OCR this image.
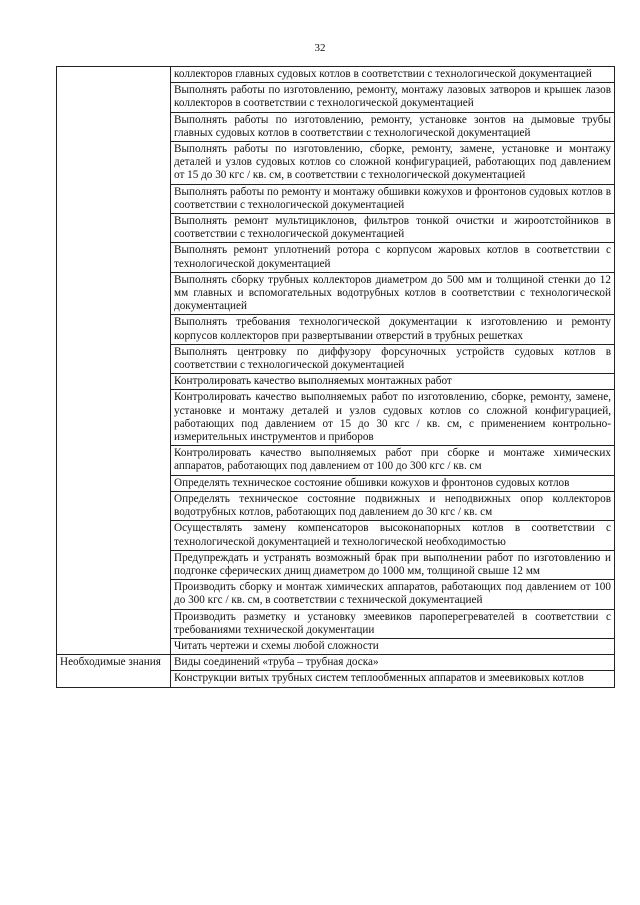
32
	коллекторов главных судовых котлов в соответствии с технологической документацией
	Выполнять работы по изготовлению, ремонту, монтажу лазовых затворов и крышек лазов коллекторов в соответствии с технологической документацией
	Выполнять работы по изготовлению, ремонту, установке зонтов на дымовые трубы главных судовых котлов в соответствии с технологической документацией
	Выполнять работы по изготовлению, сборке, ремонту, замене, установке и монтажу деталей и узлов судовых котлов со сложной конфигурацией, работающих под давлением от 15 до 30 кгс / кв. см, в соответствии с технологической документацией
	Выполнять работы по ремонту и монтажу обшивки кожухов и фронтонов судовых котлов в соответствии с технологической документацией
	Выполнять ремонт мультициклонов, фильтров тонкой очистки и жироотстойников в соответствии с технологической документацией
	Выполнять ремонт уплотнений ротора с корпусом жаровых котлов в соответствии с технологической документацией
	Выполнять сборку трубных коллекторов диаметром до 500 мм и толщиной стенки до 12 мм главных и вспомогательных водотрубных котлов в соответствии с технологической документацией
	Выполнять требования технологической документации к изготовлению и ремонту корпусов коллекторов при развертывании отверстий в трубных решетках
	Выполнять центровку по диффузору форсуночных устройств судовых котлов в соответствии с технологической документацией
	Контролировать качество выполняемых монтажных работ
	Контролировать качество выполняемых работ по изготовлению, сборке, ремонту, замене, установке и монтажу деталей и узлов судовых котлов со сложной конфигурацией, работающих под давлением от 15 до 30 кгс / кв. см, с применением контрольно-измерительных инструментов и приборов
	Контролировать качество выполняемых работ при сборке и монтаже химических аппаратов, работающих под давлением от 100 до 300 кгс / кв. см
	Определять техническое состояние обшивки кожухов и фронтонов судовых котлов
	Определять техническое состояние подвижных и неподвижных опор коллекторов водотрубных котлов, работающих под давлением до 30 кгс / кв. см
	Осуществлять замену компенсаторов высоконапорных котлов в соответствии с технологической документацией и технологической необходимостью
	Предупреждать и устранять возможный брак при выполнении работ по изготовлению и подгонке сферических днищ диаметром до 1000 мм, толщиной свыше 12 мм
	Производить сборку и монтаж химических аппаратов, работающих под давлением от 100 до 300 кгс / кв. см, в соответствии с технической документацией
	Производить разметку и установку змеевиков пароперегревателей в соответствии с требованиями технической документации
	Читать чертежи и схемы любой сложности
Необходимые знания	Виды соединений «труба – трубная доска»
	Конструкции витых трубных систем теплообменных аппаратов и змеевиковых котлов
